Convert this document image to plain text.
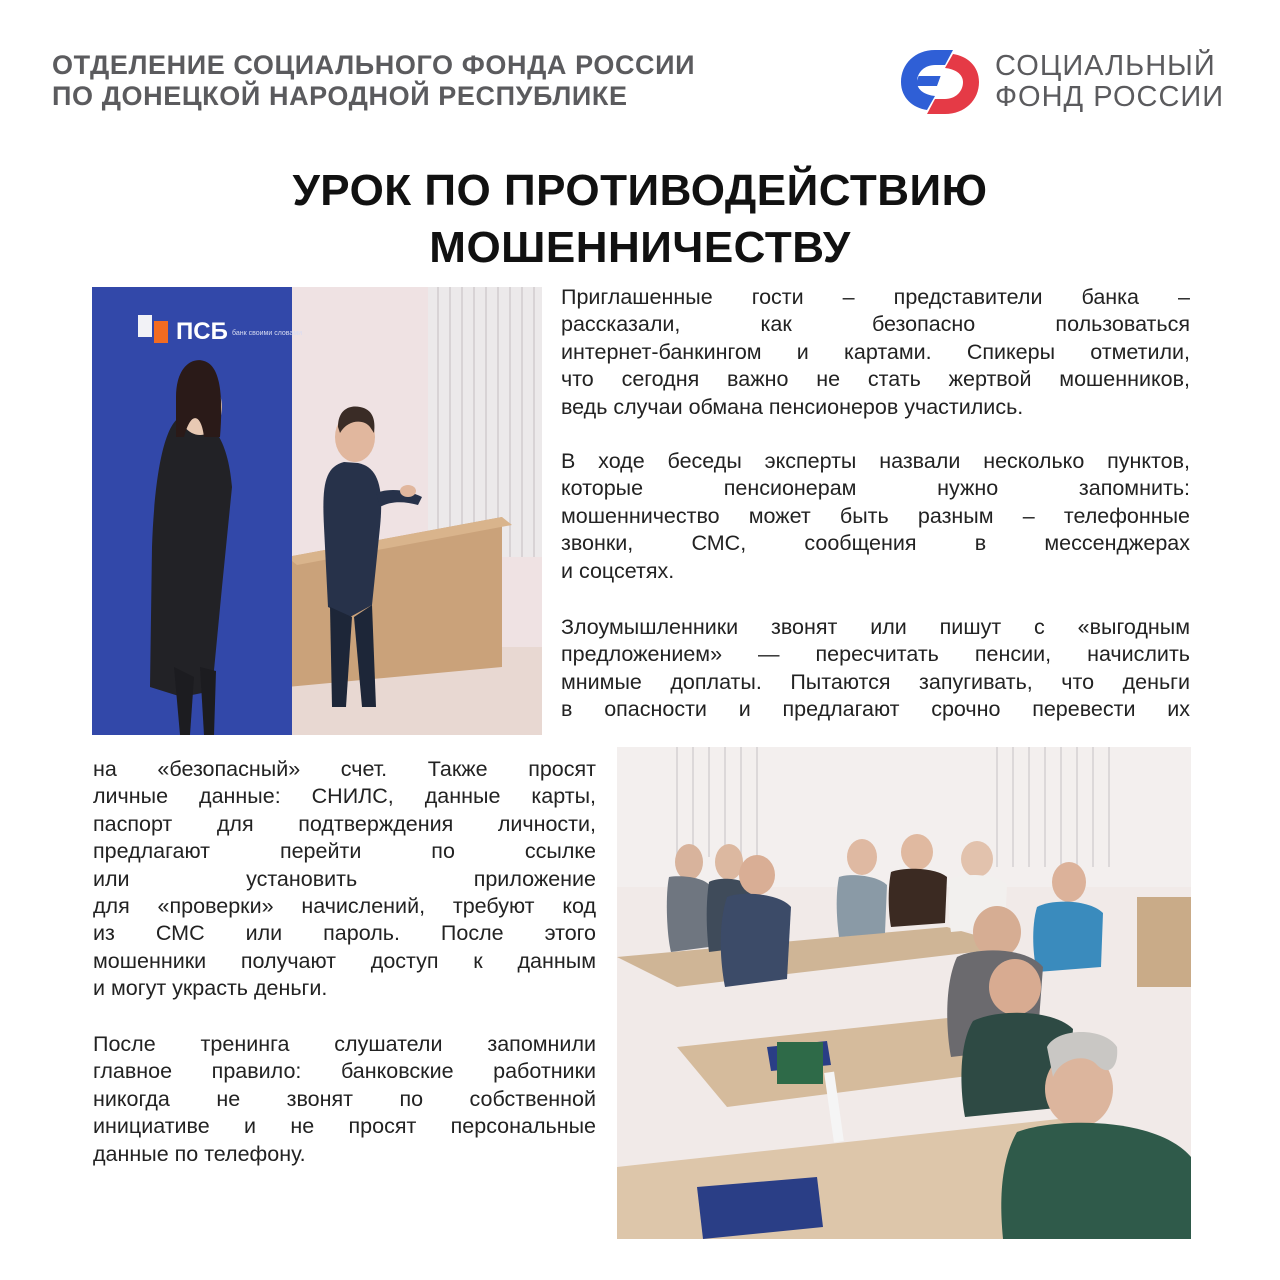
ОТДЕЛЕНИЕ СОЦИАЛЬНОГО ФОНДА РОССИИ
ПО ДОНЕЦКОЙ НАРОДНОЙ РЕСПУБЛИКЕ
СОЦИАЛЬНЫЙ
ФОНД РОССИИ
УРОК ПО ПРОТИВОДЕЙСТВИЮ
МОШЕННИЧЕСТВУ
ПСБ банк своими словами
Приглашенные гости – представители банка –
рассказали, как безопасно пользоваться
интернет-банкингом и картами. Спикеры отметили,
что сегодня важно не стать жертвой мошенников,
ведь случаи обмана пенсионеров участились.
В ходе беседы эксперты назвали несколько пунктов,
которые пенсионерам нужно запомнить:
мошенничество может быть разным – телефонные
звонки, СМС, сообщения в мессенджерах
и соцсетях.
Злоумышленники звонят или пишут с «выгодным
предложением» — пересчитать пенсии, начислить
мнимые доплаты. Пытаются запугивать, что деньги
в опасности и предлагают срочно перевести их
на «безопасный» счет. Также просят
личные данные: СНИЛС, данные карты,
паспорт для подтверждения личности,
предлагают перейти по ссылке
или установить приложение
для «проверки» начислений, требуют код
из СМС или пароль. После этого
мошенники получают доступ к данным
и могут украсть деньги.
После тренинга слушатели запомнили
главное правило: банковские работники
никогда не звонят по собственной
инициативе и не просят персональные
данные по телефону.
